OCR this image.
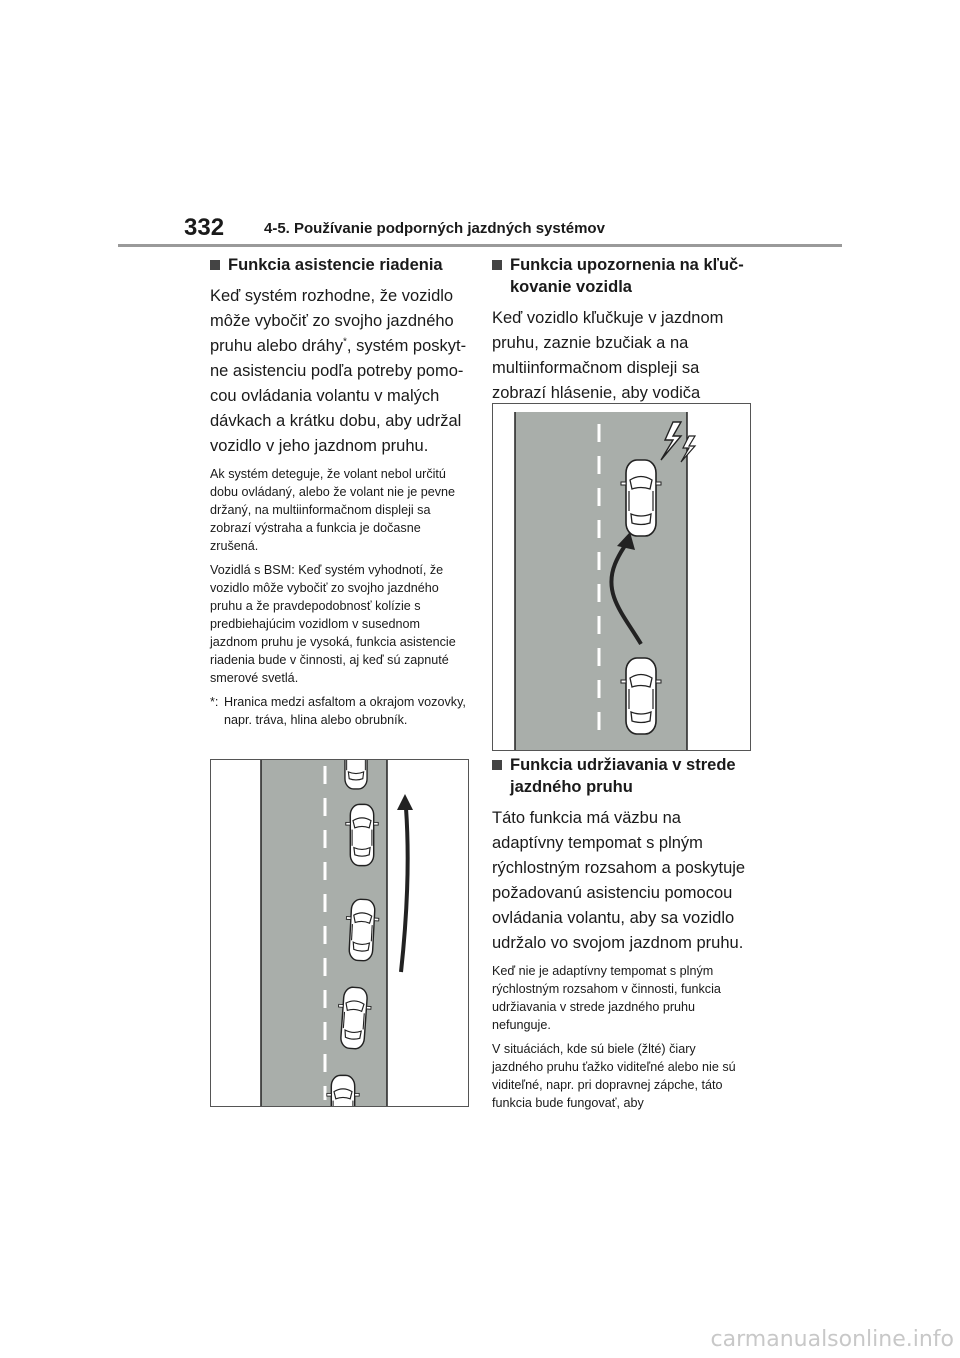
332	4-5. Používanie podporných jazdných systémov
Funkcia asistencie riadenia

Keď systém rozhodne, že vozidlo môže vybočiť zo svojho jazdného pruhu alebo dráhy*, systém poskytne asistenciu podľa potreby pomocou ovládania volantu v malých dávkach a krátku dobu, aby udržal vozidlo v jeho jazdnom pruhu.

Ak systém deteguje, že volant nebol určitú dobu ovládaný, alebo že volant nie je pevne držaný, na multiinformačnom displeji sa zobrazí výstraha a funkcia je dočasne zrušená.

Vozidlá s BSM: Keď systém vyhodnotí, že vozidlo môže vybočiť zo svojho jazdného pruhu a že pravdepodobnosť kolízie s predbiehajúcim vozidlom v susednom jazdnom pruhu je vysoká, funkcia asistencie riadenia bude v činnosti, aj keď sú zapnuté smerové svetlá.

*: Hranica medzi asfaltom a okrajom vozovky, napr. tráva, hlina alebo obrubník.
Funkcia upozornenia na kľučkovanie vozidla

Keď vozidlo kľučkuje v jazdnom pruhu, zaznie bzučiak a na multiinformačnom displeji sa zobrazí hlásenie, aby vodiča

Funkcia udržiavania v strede jazdného pruhu

Táto funkcia má väzbu na adaptívny tempomat s plným rýchlostným rozsahom a poskytuje požadovanú asistenciu pomocou ovládania volantu, aby sa vozidlo udržalo vo svojom jazdnom pruhu.

Keď nie je adaptívny tempomat s plným rýchlostným rozsahom v činnosti, funkcia udržiavania v strede jazdného pruhu nefunguje.

V situáciách, kde sú biele (žlté) čiary jazdného pruhu ťažko viditeľné alebo nie sú viditeľné, napr. pri dopravnej zápche, táto funkcia bude fungovať, aby

carmanualsonline.info
